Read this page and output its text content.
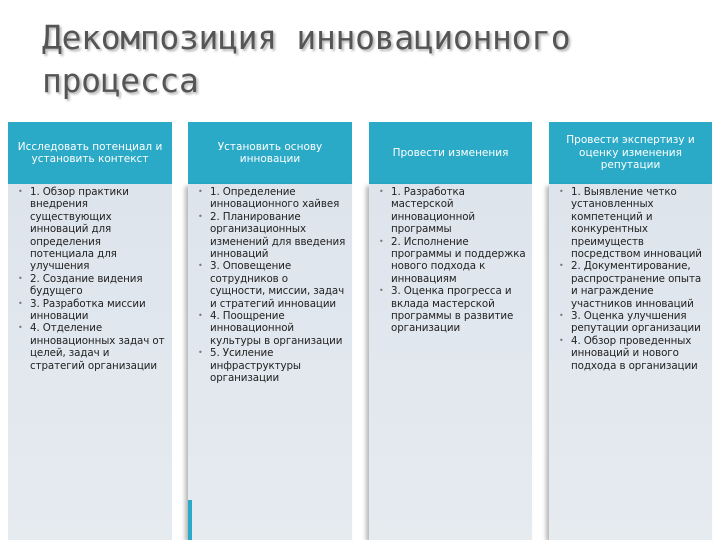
Декомпозиция инновационного
процесса
Исследовать потенциал и установить контекст
• 1. Обзор практики внедрения существующих инноваций для определения потенциала для улучшения
• 2. Создание видения будущего
• 3. Разработка миссии инновации
• 4. Отделение инновационных задач от целей, задач и стратегий организации
Установить основу инновации
• 1. Определение инновационного хайвея
• 2. Планирование организационных изменений для введения инноваций
• 3. Оповещение сотрудников о сущности, миссии, задач и стратегий инновации
• 4. Поощрение инновационной культуры в организации
• 5. Усиление инфраструктуры организации
Провести изменения
• 1. Разработка мастерской инновационной программы
• 2. Исполнение программы и поддержка нового подхода к инновациям
• 3. Оценка прогресса и вклада мастерской программы в развитие организации
Провести экспертизу и оценку изменения репутации
• 1. Выявление четко установленных компетенций и конкурентных преимуществ посредством инноваций
• 2. Документирование, распространение опыта и награждение участников инноваций
• 3. Оценка улучшения репутации организации
• 4. Обзор проведенных инноваций и нового подхода в организации
